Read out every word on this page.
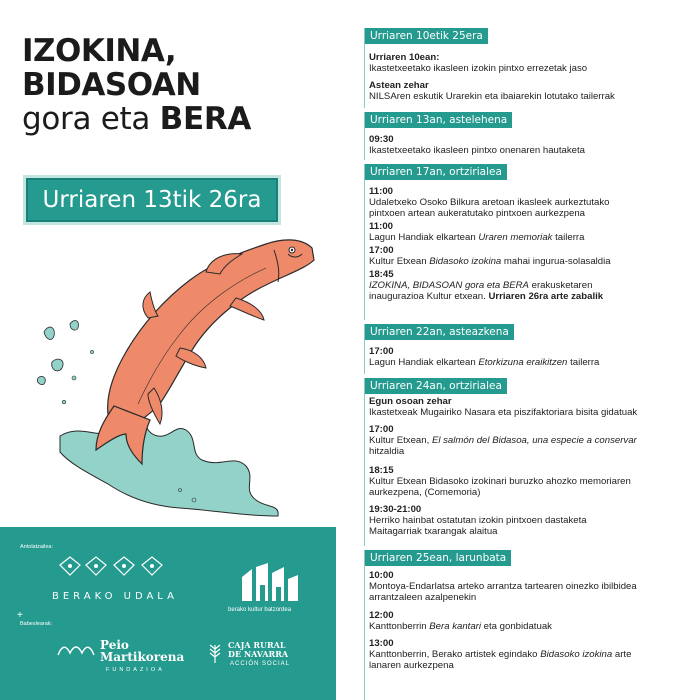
IZOKINA,
BIDASOAN
gora eta BERA
Urriaren 13tik 26ra
Antolatzailea:
BERAKO UDALA
berako kultur batzordea
Babeslearak:
Peio
Martikorena
FUNDAZIOA
CAJA RURAL
DE NAVARRA
ACCIÓN SOCIAL
+
Urriaren 10etik 25era
Urriaren 10ean:
Ikastetxeetako ikasleen izokin pintxo errezetak jaso
Astean zehar
NILSAren eskutik Urarekin eta ibaiarekin lotutako tailerrak
Urriaren 13an, astelehena
09:30
Ikastetxeetako ikasleen pintxo onenaren hautaketa
Urriaren 17an, ortzirialea
11:00
Udaletxeko Osoko Bilkura aretoan ikasleek aurkeztutako
pintxoen artean aukeratutako pintxoen aurkezpena
11:00
Lagun Handiak elkartean Uraren memoriak tailerra
17:00
Kultur Etxean Bidasoko izokina mahai ingurua-solasaldia
18:45
IZOKINA, BIDASOAN gora eta BERA erakusketaren
inaugurazioa Kultur etxean. Urriaren 26ra arte zabalik
Urriaren 22an, asteazkena
17:00
Lagun Handiak elkartean Etorkizuna eraikitzen tailerra
Urriaren 24an, ortzirialea
Egun osoan zehar
Ikastetxeak Mugairiko Nasara eta piszifaktoriara bisita gidatuak
17:00
Kultur Etxean, El salmón del Bidasoa, una especie a conservar
hitzaldia
18:15
Kultur Etxean Bidasoko izokinari buruzko ahozko memoriaren
aurkezpena, (Comemoria)
19:30-21:00
Herriko hainbat ostatutan izokin pintxoen dastaketa
Maitagarriak txarangak alaitua
Urriaren 25ean, larunbata
10:00
Montoya-Endarlatsa arteko arrantza tartearen oinezko ibilbidea
arrantzaleen azalpenekin
12:00
Kanttonberrin Bera kantari eta gonbidatuak
13:00
Kanttonberrin, Berako artistek egindako Bidasoko izokina arte
lanaren aurkezpena
